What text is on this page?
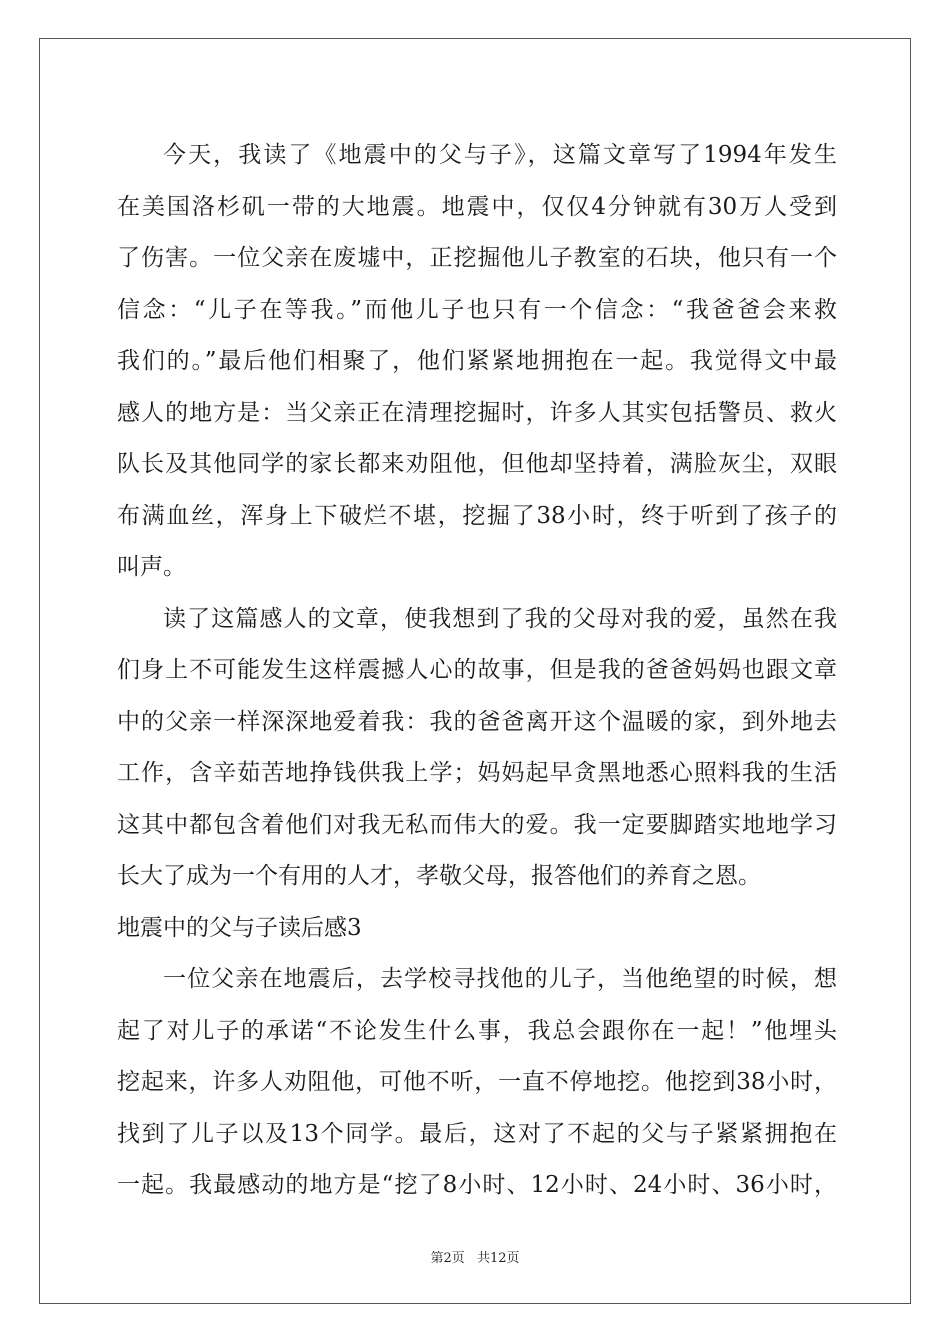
今天，我读了《地震中的父与子》，这篇文章写了1994年发生
在美国洛杉矶一带的大地震。地震中，仅仅4分钟就有30万人受到
了伤害。一位父亲在废墟中，正挖掘他儿子教室的石块，他只有一个
信念：“儿子在等我。”而他儿子也只有一个信念：“我爸爸会来救
我们的。”最后他们相聚了，他们紧紧地拥抱在一起。我觉得文中最
感人的地方是：当父亲正在清理挖掘时，许多人其实包括警员、救火
队长及其他同学的家长都来劝阻他，但他却坚持着，满脸灰尘，双眼
布满血丝，浑身上下破烂不堪，挖掘了38小时，终于听到了孩子的
叫声。
读了这篇感人的文章，使我想到了我的父母对我的爱，虽然在我
们身上不可能发生这样震撼人心的故事，但是我的爸爸妈妈也跟文章
中的父亲一样深深地爱着我：我的爸爸离开这个温暖的家，到外地去
工作，含辛茹苦地挣钱供我上学；妈妈起早贪黑地悉心照料我的生活
这其中都包含着他们对我无私而伟大的爱。我一定要脚踏实地地学习
长大了成为一个有用的人才，孝敬父母，报答他们的养育之恩。
地震中的父与子读后感3
一位父亲在地震后，去学校寻找他的儿子，当他绝望的时候，想
起了对儿子的承诺“不论发生什么事，我总会跟你在一起！”他埋头
挖起来，许多人劝阻他，可他不听，一直不停地挖。他挖到38小时，
找到了儿子以及13个同学。最后，这对了不起的父与子紧紧拥抱在
一起。我最感动的地方是“挖了8小时、12小时、24小时、36小时，
第2页 共12页
